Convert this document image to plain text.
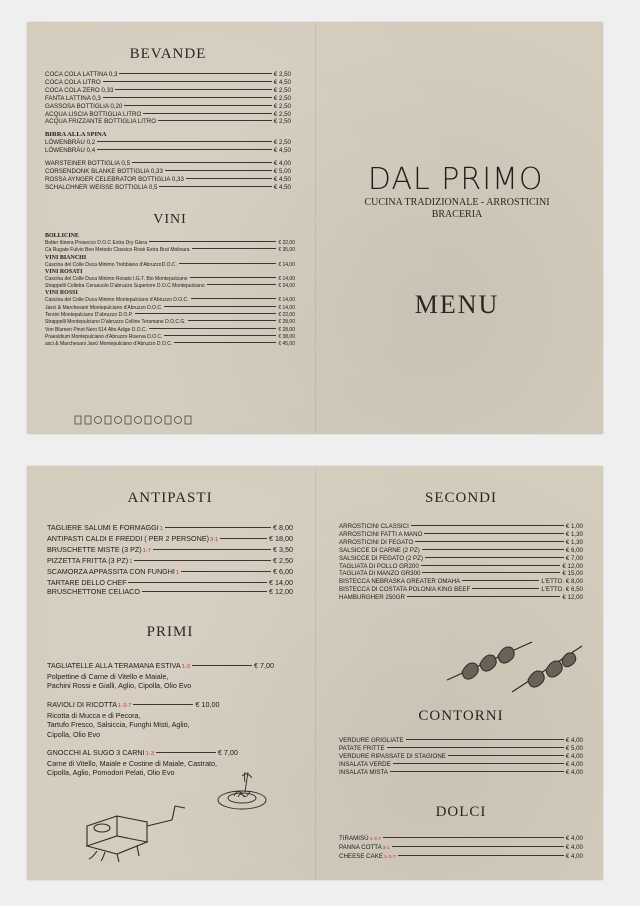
BEVANDE
COCA COLA LATTINA 0,3	€ 2,50
COCA COLA LITRO	€ 4,50
COCA COLA ZERO 0,33	€ 2,50
FANTA LATTINA 0,3	€ 2,50
GASSOSA BOTTIGLIA 0,20	€ 2,50
ACQUA LISCIA BOTTIGLIA LITRO	€ 2,50
ACQUA FRIZZANTE BOTTIGLIA LITRO	€ 2,50
BIRRA ALLA SPINA
LÖWENBRÄU 0,2	€ 2,50
LÖWENBRÄU 0,4	€ 4,50
WARSTEINER BOTTIGLIA 0,5	€ 4,00
CORSENDONK BLANKE BOTTIGLIA 0,33	€ 5,00
ROSSA AYNGER CELEBRATOR BOTTIGLIA 0,33	€ 4,50
SCHALCHNER WEISSE BOTTIGLIA 0,5	€ 4,50
VINI
BOLLICINE
Botter Itinera Prosecco D.O.C Extra Dry Glera	€ 22,00
Cà Rugate Fulvio Beo Metodo Classico Rosè Extra Brut Molinara	€ 35,00
VINI BIANCHI
Cascina del Colle Duca Minimo Trebbiano d'AbruzzoD.O.C.	€ 14,00
VINI ROSATI
Cascina del Colle Duca Minimo Rosato I.G.T. Bio Montepulciano	€ 14,00
Strappelli Colletra Cerasuolo D'abruzzo Superiore D.O.C Montepulciano	€ 24,00
VINI ROSSI
Cascina del Colle Duca Minimo Montepulciano d'Abruzzo D.O.C.	€ 14,00
Jasci & Marchesani Montepulciano d'Abruzzo D.O.C.	€ 14,00
Terzini Montepulciano D'abruzzo D.O.P.	€ 22,00
Strappelli Montepulciano D'abruzzo Colline Teramane D.O.C.G.	€ 28,00
Von Blumen Pinot Nero 514 Alto Adige D.O.C.	€ 28,00
Praesidium Montepulciano d'Abruzzo Riserva D.O.C.	€ 38,00
asci & Marchesani Janù Montepulciano d'Abruzzo D.O.C.	€ 45,00
DAL PRIMO
CUCINA TRADIZIONALE - ARROSTICINI
BRACERIA
MENU
ANTIPASTI
TAGLIERE SALUMI E FORMAGGI 1	€ 8,00
ANTIPASTI CALDI E FREDDI ( PER 2 PERSONE) 3-1	€ 18,00
BRUSCHETTE MISTE (3 PZ) 1-7	€ 3,50
PIZZETTA FRITTA (3 PZ) 1	€ 2,50
SCAMORZA APPASSITA CON FUNGHI 1	€ 6,00
TARTARE DELLO CHEF	€ 14,00
BRUSCHETTONE CELIACO	€ 12,00
PRIMI
TAGLIATELLE ALLA TERAMANA ESTIVA 1-3	€ 7,00
Polpettine di Carne di Vitello e Maiale,
Pachini Rossi e Gialli, Aglio, Cipolla, Olio Evo
RAVIOLI DI RICOTTA 1-3-7	€ 10,00
Ricotta di Mucca e di Pecora,
Tartufo Fresco, Salsiccia, Funghi Misti, Aglio,
Cipolla, Olio Evo
GNOCCHI AL SUGO 3 CARNI 1-3	€ 7,00
Carne di Vitello, Maiale e Costine di Maiale, Castrato,
Cipolla, Aglio, Pomodori Pelati, Olio Evo
SECONDI
ARROSTICINI CLASSICI	€ 1,00
ARROSTICINI FATTI A MANO	€ 1,30
ARROSTICINI DI FEGATO	€ 1,30
SALSICCE DI CARNE (2 PZ)	€ 6,00
SALSICCE DI FEGATO (2 PZ)	€ 7,00
TAGLIATA DI POLLO GR200	€ 12,00
TAGLIATA DI MANZO GR300	€ 15,00
BISTECCA NEBRASKA GREATER OMAHA	L'ETTO. € 8,00
BISTECCA DI COSTATA POLONIA KING BEEF	L'ETTO. € 6,50
HAMBURGHER 250GR	€ 12,00
CONTORNI
VERDURE GRIGLIATE	€ 4,00
PATATE FRITTE	€ 5,00
VERDURE RIPASSATE DI STAGIONE	€ 4,00
INSALATA VERDE	€ 4,00
INSALATA MISTA	€ 4,00
DOLCI
TIRAMISÙ 1-3-7	€ 4,00
PANNA COTTA 3-1	€ 4,00
CHEESE CAKE 1-3-7	€ 4,00
